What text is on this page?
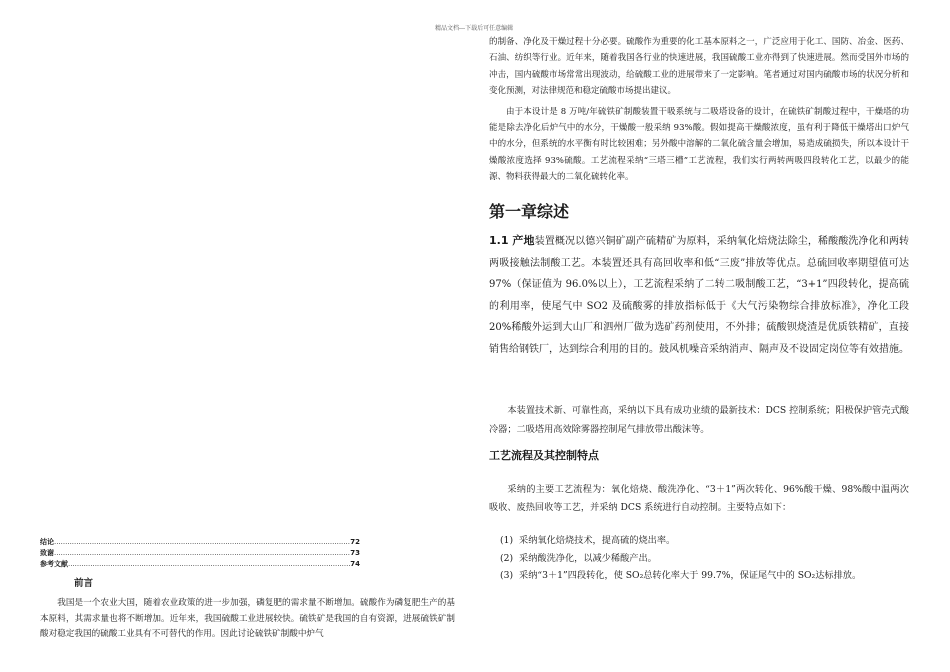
精品文档---下载后可任意编辑
结论 .....	72
致谢 .....	73
参考文献 .....	74
前言

我国是一个农业大国，随着农业政策的进一步加强，磷复肥的需求量不断增加。硫酸作为磷复肥生产的基本原料，其需求量也将不断增加。近年来，我国硫酸工业进展较快。硫铁矿是我国的自有资源，进展硫铁矿制酸对稳定我国的硫酸工业具有不可替代的作用。因此讨论硫铁矿制酸中炉气

的制备、净化及干燥过程十分必要。硫酸作为重要的化工基本原料之一，广泛应用于化工、国防、冶金、医药、石油、纺织等行业。近年来，随着我国各行业的快速进展，我国硫酸工业亦得到了快速进展。然而受国外市场的冲击，国内硫酸市场常常出现波动，给硫酸工业的进展带来了一定影响。笔者通过对国内硫酸市场的状况分析和变化预测，对法律规范和稳定硫酸市场提出建议。

由于本设计是 8 万吨/年硫铁矿制酸装置干吸系统与二吸塔设备的设计，在硫铁矿制酸过程中，干燥塔的功能是除去净化后炉气中的水分，干燥酸一般采纳 93%酸。假如提高干燥酸浓度，虽有利于降低干燥塔出口炉气中的水分，但系统的水平衡有时比较困难；另外酸中溶解的二氧化硫含量会增加，易造成硫损失，所以本设计干燥酸浓度选择 93%硫酸。工艺流程采纳“三塔三槽”工艺流程，我们实行两转两吸四段转化工艺，以最少的能源、物料获得最大的二氧化硫转化率。

第一章综述

1.1 产地装置概况以德兴铜矿副产硫精矿为原料，采纳氧化焙烧法除尘，稀酸酸洗净化和两转两吸接触法制酸工艺。本装置还具有高回收率和低“三废”排放等优点。总硫回收率期望值可达 97%（保证值为 96.0%以上），工艺流程采纳了二转二吸制酸工艺，“3+1”四段转化，提高硫的利用率，使尾气中 SO2 及硫酸雾的排放指标低于《大气污染物综合排放标准》，净化工段 20%稀酸外运到大山厂和泗州厂做为选矿药剂使用，不外排；硫酸钡烧渣是优质铁精矿，直接销售给钢铁厂，达到综合利用的目的。鼓风机噪音采纳消声、隔声及不设固定岗位等有效措施。

本装置技术新、可靠性高，采纳以下具有成功业绩的最新技术：DCS 控制系统；阳极保护管壳式酸冷器；二吸塔用高效除雾器控制尾气排放带出酸沫等。

工艺流程及其控制特点

采纳的主要工艺流程为：氧化焙烧、酸洗净化、“3＋1”两次转化、96%酸干燥、98%酸中温两次吸收、废热回收等工艺，并采纳 DCS 系统进行自动控制。主要特点如下：

(1) 采纳氧化焙烧技术，提高硫的烧出率。
(2) 采纳酸洗净化，以减少稀酸产出。
(3) 采纳“3＋1”四段转化，使 SO₂总转化率大于 99.7%，保证尾气中的 SO₂达标排放。
